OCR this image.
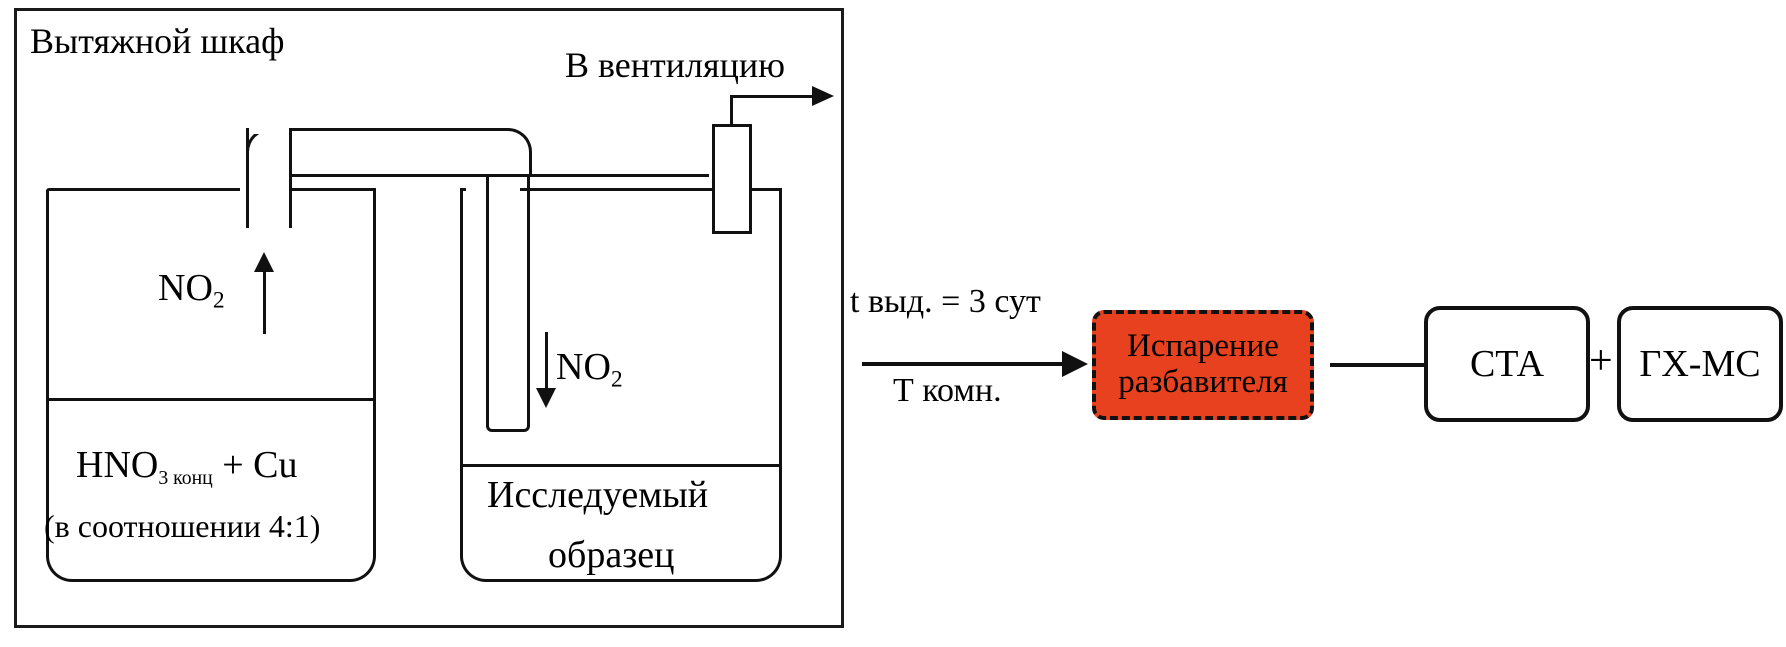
Вытяжной шкаф
В вентиляцию
$NO_2$
$NO_2$
HNO3 конц + Cu
(в соотношении 4:1)
Исследуемый
образец
t выд. = 3 сут
Т комн.
Испарение
разбавителя	СТА + ГХ-МС
